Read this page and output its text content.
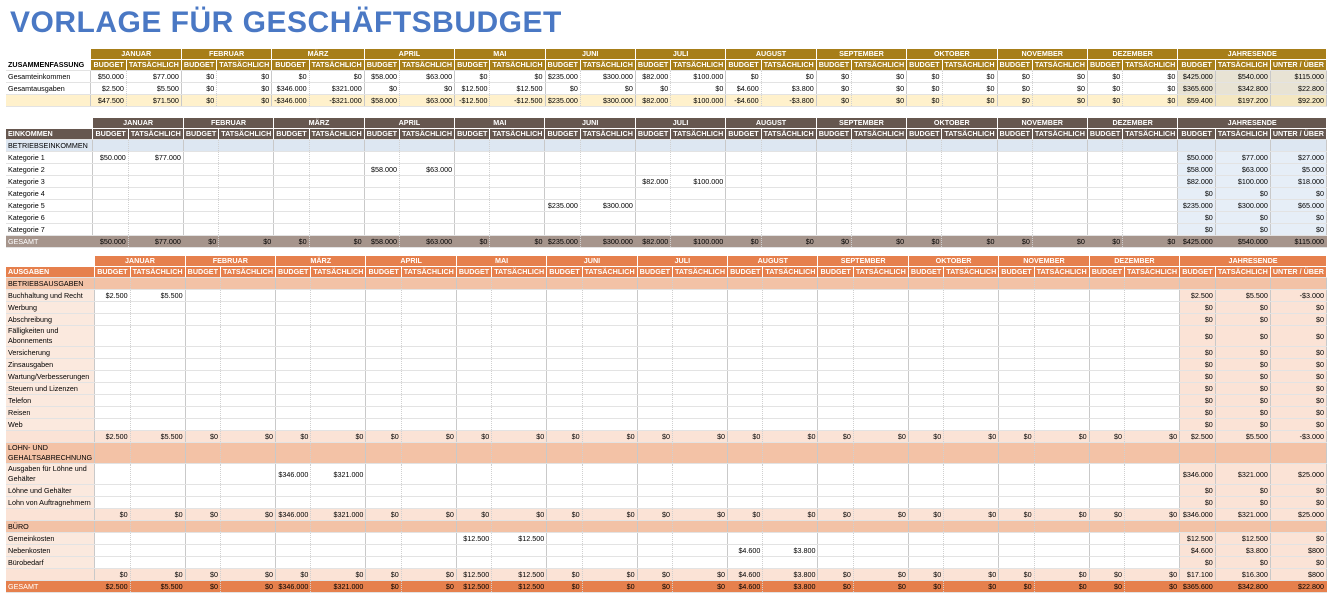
VORLAGE FÜR GESCHÄFTSBUDGET
	JANUAR		FEBRUAR		MÄRZ		APRIL		MAI		JUNI		JULI		AUGUST		SEPTEMBER		OKTOBER		NOVEMBER		DEZEMBER		JAHRESENDE		
ZUSAMMENFASSUNG	BUDGET	TATSÄCHLICH	BUDGET	TATSÄCHLICH	BUDGET	TATSÄCHLICH	BUDGET	TATSÄCHLICH	BUDGET	TATSÄCHLICH	BUDGET	TATSÄCHLICH	BUDGET	TATSÄCHLICH	BUDGET	TATSÄCHLICH	BUDGET	TATSÄCHLICH	BUDGET	TATSÄCHLICH	BUDGET	TATSÄCHLICH	BUDGET	TATSÄCHLICH	BUDGET	TATSÄCHLICH	UNTER / ÜBER
Gesamteinkommen	$50.000	$77.000	$0	$0	$0	$0	$58.000	$63.000	$0	$0	$235.000	$300.000	$82.000	$100.000	$0	$0	$0	$0	$0	$0	$0	$0	$0	$0	$425.000	$540.000	$115.000
Gesamtausgaben	$2.500	$5.500	$0	$0	$346.000	$321.000	$0	$0	$12.500	$12.500	$0	$0	$0	$0	$4.600	$3.800	$0	$0	$0	$0	$0	$0	$0	$0	$365.600	$342.800	$22.800
	$47.500	$71.500	$0	$0	-$346.000	-$321.000	$58.000	$63.000	-$12.500	-$12.500	$235.000	$300.000	$82.000	$100.000	-$4.600	-$3.800	$0	$0	$0	$0	$0	$0	$0	$0	$59.400	$197.200	$92.200
	JANUAR		FEBRUAR		MÄRZ		APRIL		MAI		JUNI		JULI		AUGUST		SEPTEMBER		OKTOBER		NOVEMBER		DEZEMBER		JAHRESENDE		
EINKOMMEN	BUDGET	TATSÄCHLICH	BUDGET	TATSÄCHLICH	BUDGET	TATSÄCHLICH	BUDGET	TATSÄCHLICH	BUDGET	TATSÄCHLICH	BUDGET	TATSÄCHLICH	BUDGET	TATSÄCHLICH	BUDGET	TATSÄCHLICH	BUDGET	TATSÄCHLICH	BUDGET	TATSÄCHLICH	BUDGET	TATSÄCHLICH	BUDGET	TATSÄCHLICH	BUDGET	TATSÄCHLICH	UNTER / ÜBER
BETRIEBSEINKOMMEN																											
Kategorie 1	$50.000	$77.000																							$50.000	$77.000	$27.000
Kategorie 2							$58.000	$63.000																	$58.000	$63.000	$5.000
Kategorie 3													$82.000	$100.000											$82.000	$100.000	$18.000
Kategorie 4																									$0	$0	$0
Kategorie 5											$235.000	$300.000													$235.000	$300.000	$65.000
Kategorie 6																									$0	$0	$0
Kategorie 7																									$0	$0	$0
GESAMT	$50.000	$77.000	$0	$0	$0	$0	$58.000	$63.000	$0	$0	$235.000	$300.000	$82.000	$100.000	$0	$0	$0	$0	$0	$0	$0	$0	$0	$0	$425.000	$540.000	$115.000
	JANUAR		FEBRUAR		MÄRZ		APRIL		MAI		JUNI		JULI		AUGUST		SEPTEMBER		OKTOBER		NOVEMBER		DEZEMBER		JAHRESENDE		
AUSGABEN	BUDGET	TATSÄCHLICH	BUDGET	TATSÄCHLICH	BUDGET	TATSÄCHLICH	BUDGET	TATSÄCHLICH	BUDGET	TATSÄCHLICH	BUDGET	TATSÄCHLICH	BUDGET	TATSÄCHLICH	BUDGET	TATSÄCHLICH	BUDGET	TATSÄCHLICH	BUDGET	TATSÄCHLICH	BUDGET	TATSÄCHLICH	BUDGET	TATSÄCHLICH	BUDGET	TATSÄCHLICH	UNTER / ÜBER
BETRIEBSAUSGABEN																											
Buchhaltung und Recht	$2.500	$5.500																							$2.500	$5.500	-$3.000
Werbung																									$0	$0	$0
Abschreibung																									$0	$0	$0
Fälligkeiten und Abonnements																									$0	$0	$0
Versicherung																									$0	$0	$0
Zinsausgaben																									$0	$0	$0
Wartung/Verbesserungen																									$0	$0	$0
Steuern und Lizenzen																									$0	$0	$0
Telefon																									$0	$0	$0
Reisen																									$0	$0	$0
Web																									$0	$0	$0
	$2.500	$5.500	$0	$0	$0	$0	$0	$0	$0	$0	$0	$0	$0	$0	$0	$0	$0	$0	$0	$0	$0	$0	$0	$0	$2.500	$5.500	-$3.000
LOHN- UND GEHALTSABRECHNUNG																											
Ausgaben für Löhne und Gehälter					$346.000	$321.000																			$346.000	$321.000	$25.000
Löhne und Gehälter																									$0	$0	$0
Lohn von Auftragnehmern																									$0	$0	$0
	$0	$0	$0	$0	$346.000	$321.000	$0	$0	$0	$0	$0	$0	$0	$0	$0	$0	$0	$0	$0	$0	$0	$0	$0	$0	$346.000	$321.000	$25.000
BÜRO																											
Gemeinkosten									$12.500	$12.500															$12.500	$12.500	$0
Nebenkosten															$4.600	$3.800									$4.600	$3.800	$800
Bürobedarf																									$0	$0	$0
	$0	$0	$0	$0	$0	$0	$0	$0	$12.500	$12.500	$0	$0	$0	$0	$4.600	$3.800	$0	$0	$0	$0	$0	$0	$0	$0	$17.100	$16.300	$800
GESAMT	$2.500	$5.500	$0	$0	$346.000	$321.000	$0	$0	$12.500	$12.500	$0	$0	$0	$0	$4.600	$3.800	$0	$0	$0	$0	$0	$0	$0	$0	$365.600	$342.800	$22.800
